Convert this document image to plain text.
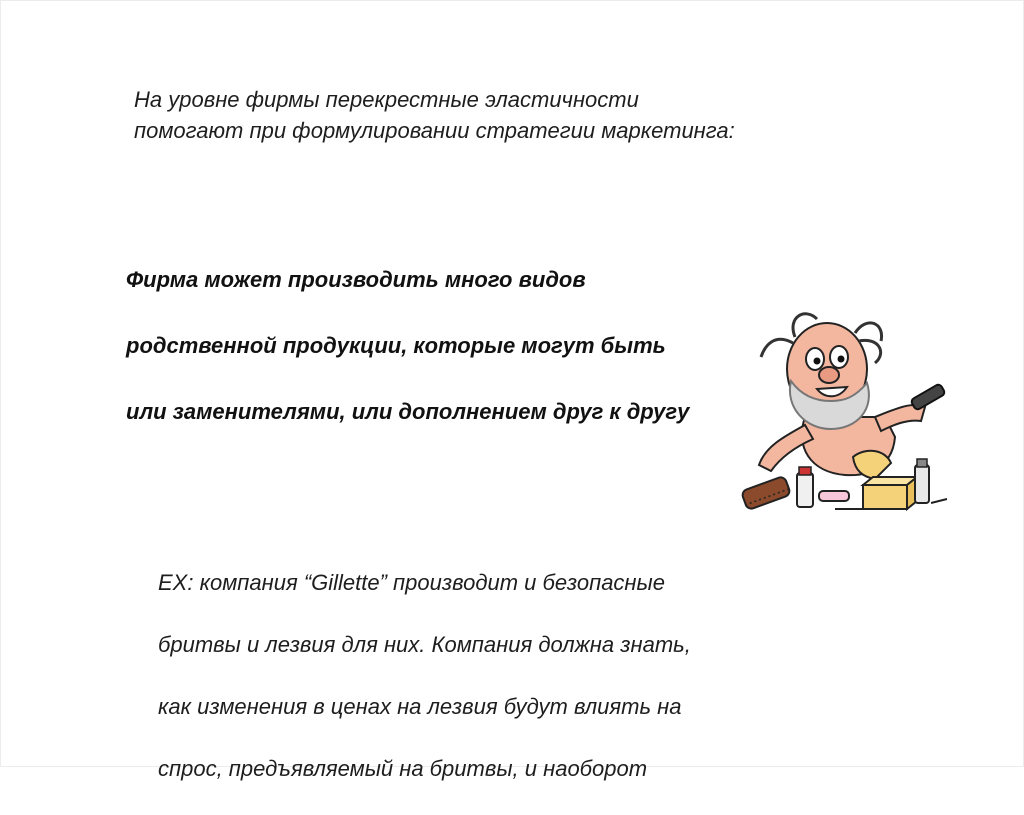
На уровне фирмы перекрестные эластичности
помогают при формулировании стратегии маркетинга:

Фирма может производить много видов

родственной продукции, которые могут быть

или заменителями, или дополнением друг к другу

EX: компания “Gillette” производит и безопасные

бритвы и лезвия для них. Компания должна знать,

как изменения в ценах на лезвия будут влиять на

спрос, предъявляемый на бритвы, и наоборот
